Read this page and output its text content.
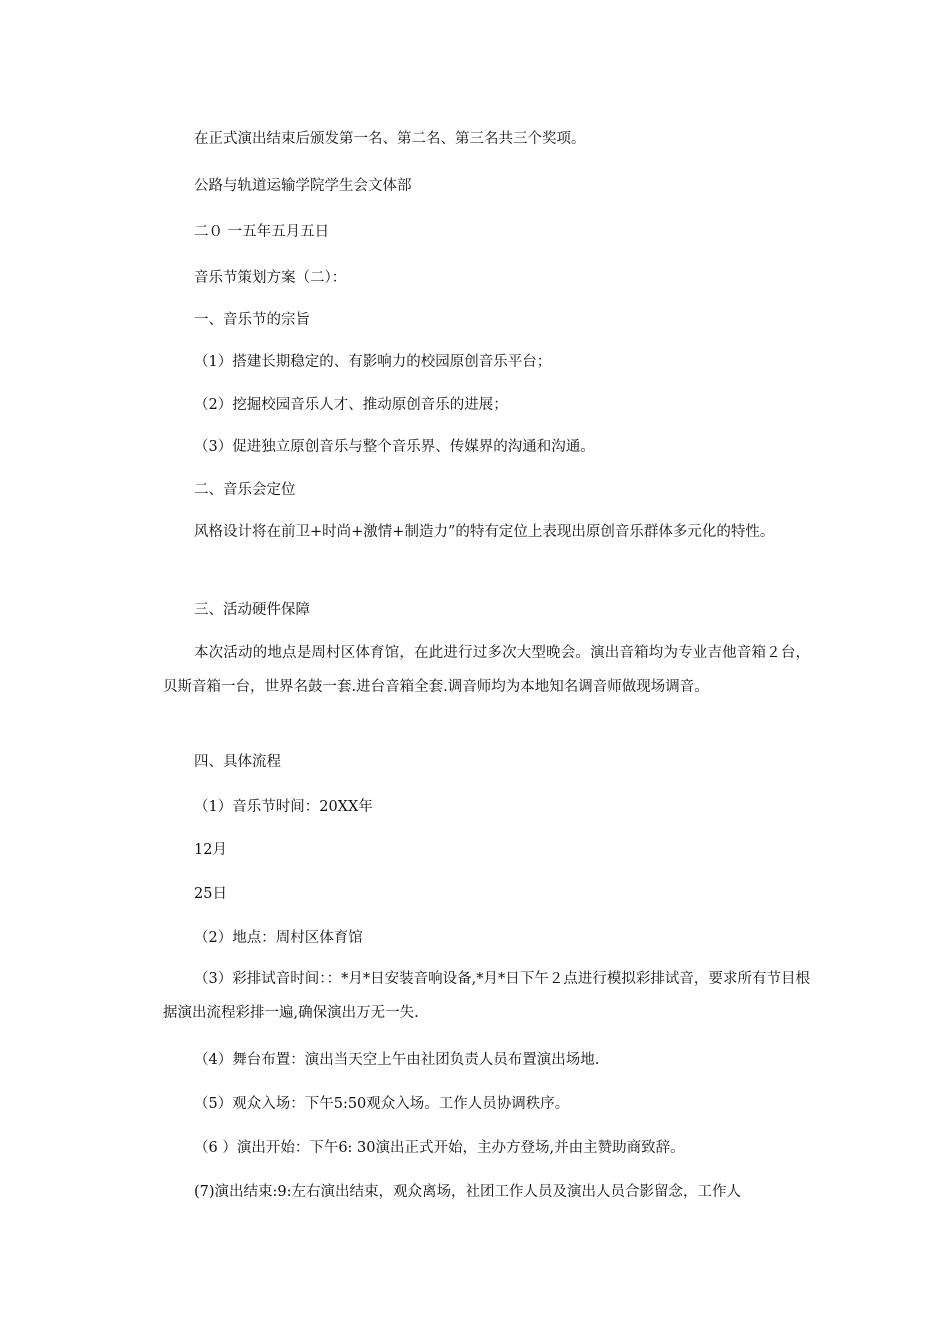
在正式演出结束后颁发第一名、第二名、第三名共三个奖项。
公路与轨道运输学院学生会文体部
二０ 一五年五月五日
音乐节策划方案（二）：
一、音乐节的宗旨
（1）搭建长期稳定的、有影响力的校园原创音乐平台；
（2）挖掘校园音乐人才、推动原创音乐的进展；
（3）促进独立原创音乐与整个音乐界、传媒界的沟通和沟通。
二、音乐会定位
风格设计将在前卫+时尚+激情+制造力”的特有定位上表现出原创音乐群体多元化的特性。
三、活动硬件保障
本次活动的地点是周村区体育馆，在此进行过多次大型晚会。演出音箱均为专业吉他音箱２台，贝斯音箱一台，世界名鼓一套.进台音箱全套.调音师均为本地知名调音师做现场调音。
四、具体流程
（1）音乐节时间：20XX年
12月
25日
（2）地点：周村区体育馆
（3）彩排试音时间：：*月*日安装音响设备,*月*日下午２点进行模拟彩排试音，要求所有节目根据演出流程彩排一遍,确保演出万无一失.
（4）舞台布置：演出当天空上午由社团负责人员布置演出场地.
（5）观众入场：下午5:50观众入场。工作人员协调秩序。
（6 ）演出开始：下午6: 30演出正式开始，主办方登场,并由主赞助商致辞。
(7)演出结束:9:左右演出结束，观众离场，社团工作人员及演出人员合影留念，工作人
